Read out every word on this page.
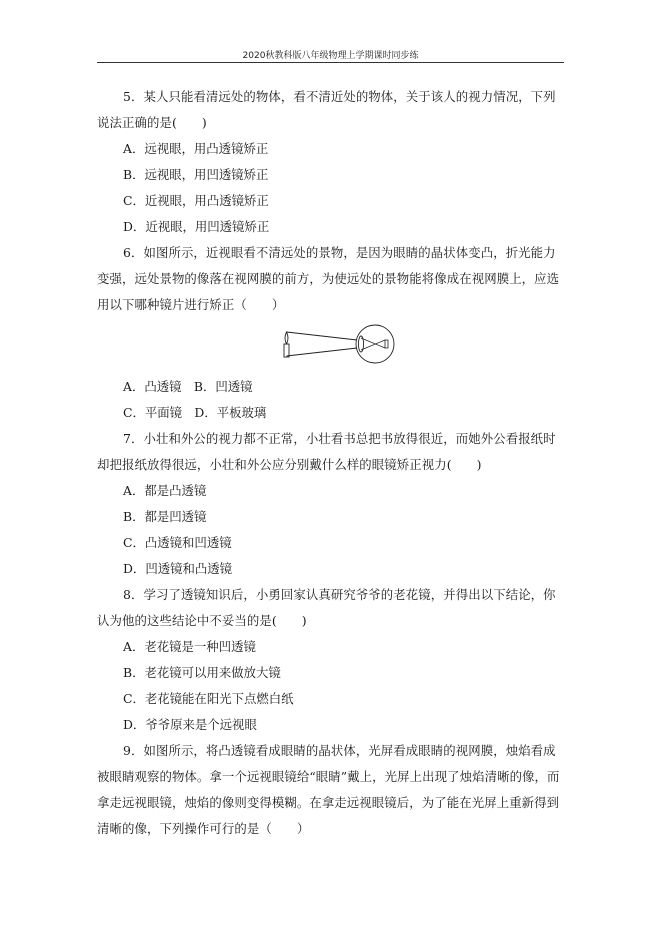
2020秋教科版八年级物理上学期课时同步练

5．某人只能看清远处的物体，看不清近处的物体，关于该人的视力情况，下列说法正确的是(　　)

A．远视眼，用凸透镜矫正

B．远视眼，用凹透镜矫正

C．近视眼，用凸透镜矫正

D．近视眼，用凹透镜矫正

6．如图所示，近视眼看不清远处的景物，是因为眼睛的晶状体变凸，折光能力变强，远处景物的像落在视网膜的前方，为使远处的景物能将像成在视网膜上，应选用以下哪种镜片进行矫正（　　）

A．凸透镜　B．凹透镜

C．平面镜　D．平板玻璃

7．小壮和外公的视力都不正常，小壮看书总把书放得很近，而她外公看报纸时却把报纸放得很远，小壮和外公应分别戴什么样的眼镜矫正视力(　　)

A．都是凸透镜

B．都是凹透镜

C．凸透镜和凹透镜

D．凹透镜和凸透镜

8．学习了透镜知识后，小勇回家认真研究爷爷的老花镜，并得出以下结论，你认为他的这些结论中不妥当的是(　　)

A．老花镜是一种凹透镜

B．老花镜可以用来做放大镜

C．老花镜能在阳光下点燃白纸

D．爷爷原来是个远视眼

9．如图所示，将凸透镜看成眼睛的晶状体，光屏看成眼睛的视网膜，烛焰看成被眼睛观察的物体。拿一个远视眼镜给“眼睛”戴上，光屏上出现了烛焰清晰的像，而拿走远视眼镜，烛焰的像则变得模糊。在拿走远视眼镜后，为了能在光屏上重新得到清晰的像，下列操作可行的是（　　）
